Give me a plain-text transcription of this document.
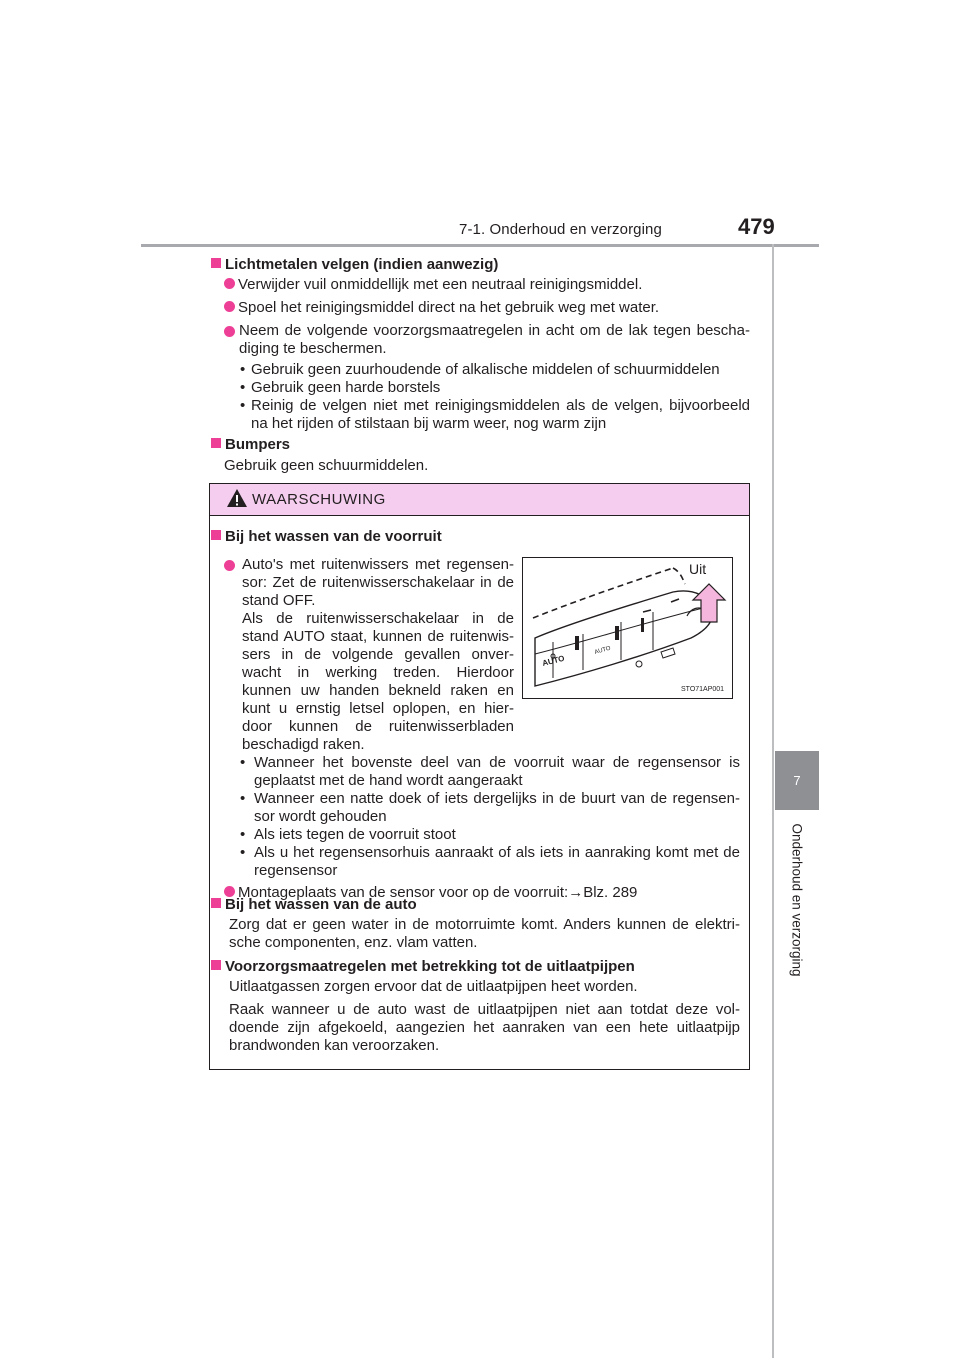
7-1. Onderhoud en verzorging	479
7
Onderhoud en verzorging
Lichtmetalen velgen (indien aanwezig)
Verwijder vuil onmiddellijk met een neutraal reinigingsmiddel.
Spoel het reinigingsmiddel direct na het gebruik weg met water.
Neem de volgende voorzorgsmaatregelen in acht om de lak tegen bescha-diging te beschermen.
• Gebruik geen zuurhoudende of alkalische middelen of schuurmiddelen
• Gebruik geen harde borstels
• Reinig de velgen niet met reinigingsmiddelen als de velgen, bijvoorbeeld na het rijden of stilstaan bij warm weer, nog warm zijn
Bumpers
Gebruik geen schuurmiddelen.
WAARSCHUWING
Bij het wassen van de voorruit
Auto's met ruitenwissers met regensen-sor: Zet de ruitenwisserschakelaar in de stand OFF.
Als de ruitenwisserschakelaar in de stand AUTO staat, kunnen de ruitenwis-sers in de volgende gevallen onver-wacht in werking treden. Hierdoor kunnen uw handen bekneld raken en kunt u ernstig letsel oplopen, en hier-door kunnen de ruitenwisserbladen beschadigd raken.
AUTO
AUTO
Uit
STO71AP001
• Wanneer het bovenste deel van de voorruit waar de regensensor is geplaatst met de hand wordt aangeraakt
• Wanneer een natte doek of iets dergelijks in de buurt van de regensen-sor wordt gehouden
• Als iets tegen de voorruit stoot
• Als u het regensensorhuis aanraakt of als iets in aanraking komt met de regensensor
Montageplaats van de sensor voor op de voorruit:→Blz. 289
Bij het wassen van de auto
Zorg dat er geen water in de motorruimte komt. Anders kunnen de elektri-sche componenten, enz. vlam vatten.
Voorzorgsmaatregelen met betrekking tot de uitlaatpijpen
Uitlaatgassen zorgen ervoor dat de uitlaatpijpen heet worden.
Raak wanneer u de auto wast de uitlaatpijpen niet aan totdat deze vol-doende zijn afgekoeld, aangezien het aanraken van een hete uitlaatpijp brandwonden kan veroorzaken.
